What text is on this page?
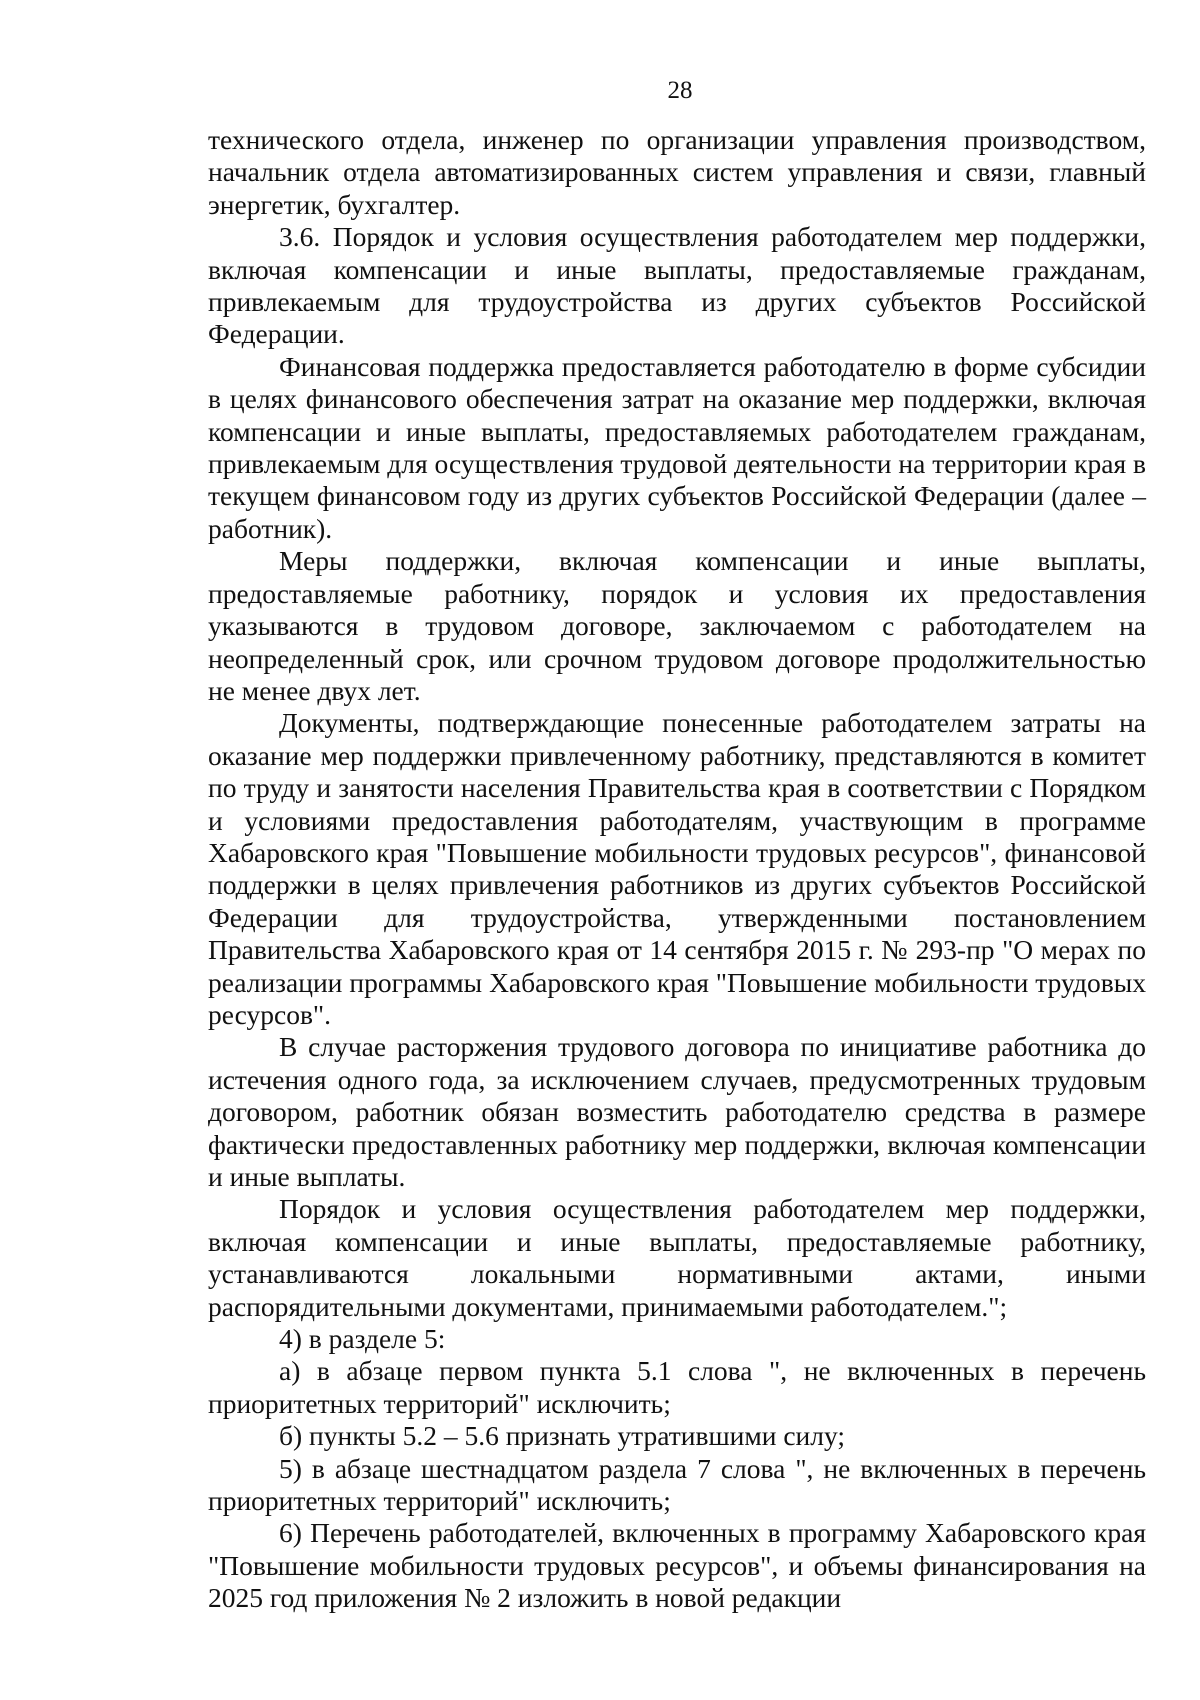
28

технического отдела, инженер по организации управления производством, начальник отдела автоматизированных систем управления и связи, главный энергетик, бухгалтер.

3.6. Порядок и условия осуществления работодателем мер поддержки, включая компенсации и иные выплаты, предоставляемые гражданам, привлекаемым для трудоустройства из других субъектов Российской Федерации.

Финансовая поддержка предоставляется работодателю в форме субсидии в целях финансового обеспечения затрат на оказание мер поддержки, включая компенсации и иные выплаты, предоставляемых работодателем гражданам, привлекаемым для осуществления трудовой деятельности на территории края в текущем финансовом году из других субъектов Российской Федерации (далее – работник).

Меры поддержки, включая компенсации и иные выплаты, предоставляемые работнику, порядок и условия их предоставления указываются в трудовом договоре, заключаемом с работодателем на неопределенный срок, или срочном трудовом договоре продолжительностью не менее двух лет.

Документы, подтверждающие понесенные работодателем затраты на оказание мер поддержки привлеченному работнику, представляются в комитет по труду и занятости населения Правительства края в соответствии с Порядком и условиями предоставления работодателям, участвующим в программе Хабаровского края "Повышение мобильности трудовых ресурсов", финансовой поддержки в целях привлечения работников из других субъектов Российской Федерации для трудоустройства, утвержденными постановлением Правительства Хабаровского края от 14 сентября 2015 г. № 293-пр "О мерах по реализации программы Хабаровского края "Повышение мобильности трудовых ресурсов".

В случае расторжения трудового договора по инициативе работника до истечения одного года, за исключением случаев, предусмотренных трудовым договором, работник обязан возместить работодателю средства в размере фактически предоставленных работнику мер поддержки, включая компенсации и иные выплаты.

Порядок и условия осуществления работодателем мер поддержки, включая компенсации и иные выплаты, предоставляемые работнику, устанавливаются локальными нормативными актами, иными распорядительными документами, принимаемыми работодателем.";

4) в разделе 5:

а) в абзаце первом пункта 5.1 слова ", не включенных в перечень приоритетных территорий" исключить;

б) пункты 5.2 – 5.6 признать утратившими силу;

5) в абзаце шестнадцатом раздела 7 слова ", не включенных в перечень приоритетных территорий" исключить;

6) Перечень работодателей, включенных в программу Хабаровского края "Повышение мобильности трудовых ресурсов", и объемы финансирования на 2025 год приложения № 2 изложить в новой редакции
